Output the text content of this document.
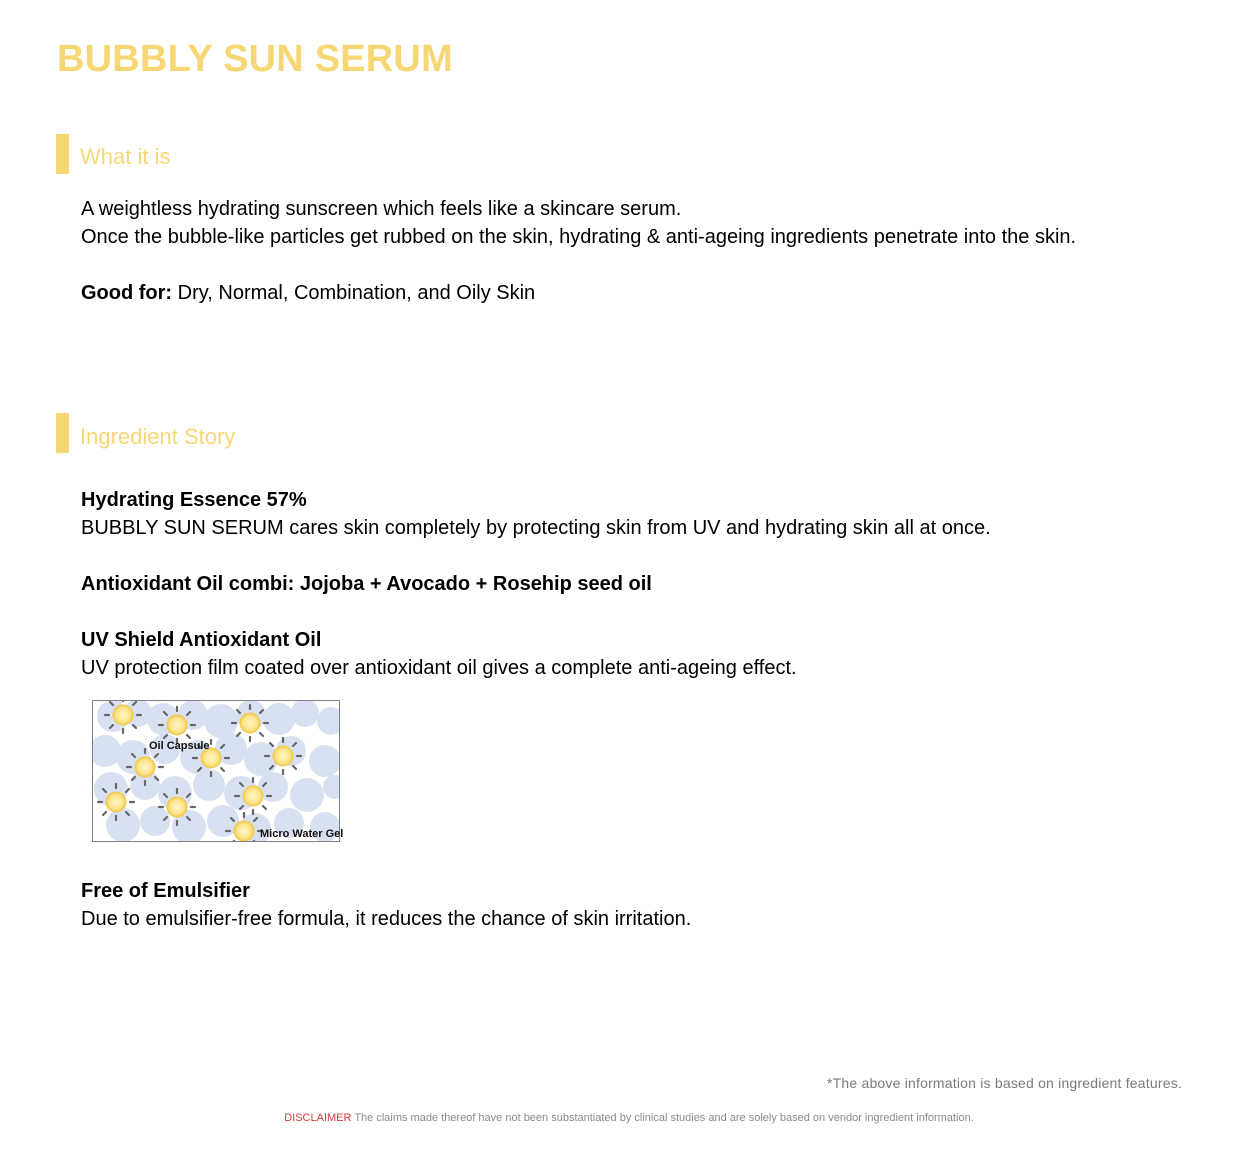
BUBBLY SUN SERUM
What it is
A weightless hydrating sunscreen which feels like a skincare serum.
Once the bubble-like particles get rubbed on the skin, hydrating & anti-ageing ingredients penetrate into the skin.
Good for: Dry, Normal, Combination, and Oily Skin
Ingredient Story
Hydrating Essence 57%
BUBBLY SUN SERUM cares skin completely by protecting skin from UV and hydrating skin all at once.
Antioxidant Oil combi: Jojoba + Avocado + Rosehip seed oil
UV Shield Antioxidant Oil
UV protection film coated over antioxidant oil gives a complete anti-ageing effect.
Oil Capsule
Micro Water Gel
Free of Emulsifier
Due to emulsifier-free formula, it reduces the chance of skin irritation.
*The above information is based on ingredient features.
DISCLAIMER The claims made thereof have not been substantiated by clinical studies and are solely based on vendor ingredient information.
